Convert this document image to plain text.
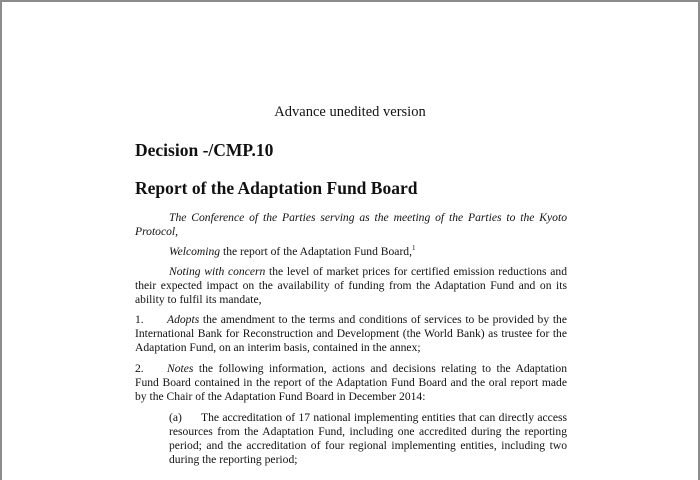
Advance unedited version
Decision -/CMP.10
Report of the Adaptation Fund Board

The Conference of the Parties serving as the meeting of the Parties to the Kyoto Protocol,

Welcoming the report of the Adaptation Fund Board,$^1$

Noting with concern the level of market prices for certified emission reductions and their expected impact on the availability of funding from the Adaptation Fund and on its ability to fulfil its mandate,

1. Adopts the amendment to the terms and conditions of services to be provided by the International Bank for Reconstruction and Development (the World Bank) as trustee for the Adaptation Fund, on an interim basis, contained in the annex;

2. Notes the following information, actions and decisions relating to the Adaptation Fund Board contained in the report of the Adaptation Fund Board and the oral report made by the Chair of the Adaptation Fund Board in December 2014:

(a) The accreditation of 17 national implementing entities that can directly access resources from the Adaptation Fund, including one accredited during the reporting period; and the accreditation of four regional implementing entities, including two during the reporting period;
